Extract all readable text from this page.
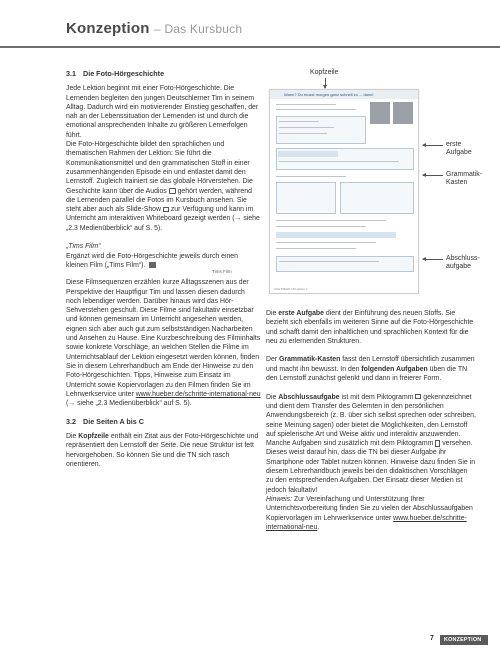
Konzeption – Das Kursbuch
3.1 Die Foto-Hörgeschichte

Jede Lektion beginnt mit einer Foto-Hörgeschichte. Die Lernenden begleiten den jungen Deutschlerner Tim in seinem Alltag. Dadurch wird ein motivierender Einstieg geschaffen, der nah an der Lebenssituation der Lernenden ist und durch die emotional ansprechenden Inhalte zu größeren Lernerfolgen führt.

Die Foto-Hörgeschichte bildet den sprachlichen und thematischen Rahmen der Lektion: Sie führt die Kommunikationsmittel und den grammatischen Stoff in einer zusammenhängenden Episode ein und entlastet damit den Lernstoff. Zugleich trainiert sie das globale Hörverstehen. Die Geschichte kann über die Audios gehört werden, während die Lernenden parallel die Fotos im Kursbuch ansehen. Sie steht aber auch als Slide-Show zur Verfügung und kann im Unterricht am interaktiven Whiteboard gezeigt werden (→ siehe „2.3 Medienüberblick“ auf S. 5).

„Tims Film“

Ergänzt wird die Foto-Hörgeschichte jeweils durch einen kleinen Film („Tims Film“).

Tims Film

Diese Filmsequenzen erzählen kurze Alltagsszenen aus der Perspektive der Hauptfigur Tim und lassen diesen dadurch noch lebendiger werden. Darüber hinaus wird das Hör-Sehverstehen geschult. Diese Filme sind fakultativ einsetzbar und können gemeinsam im Unterricht angesehen werden, eignen sich aber auch gut zum selbstständigen Nacharbeiten und Ansehen zu Hause. Eine Kurzbeschreibung des Filminhalts sowie konkrete Vorschläge, an welchen Stellen die Filme im Unterrichtsablauf der Lektion eingesetzt werden können, finden Sie in diesem Lehrerhandbuch am Ende der Hinweise zu den Foto-Hörgeschichten. Tipps, Hinweise zum Einsatz im Unterricht sowie Kopiervorlagen zu den Filmen finden Sie im Lehrwerkservice unter www.hueber.de/schritte-international-neu (→ siehe „2.3 Medienüberblick“ auf S. 5).

3.2 Die Seiten A bis C

Die Kopfzeile enthält ein Zitat aus der Foto-Hörgeschichte und repräsentiert den Lernstoff der Seite. Die neue Struktur ist fett hervorgehoben. So können Sie und die TN sich rasch orientieren.

Kopfzeile
Wann? Du musst morgen ganz schnell zu ... dann!
ACHTZEHN 18 Lektion 2
erste Aufgabe
Grammatik-
Kasten
Abschluss-
aufgabe

Die erste Aufgabe dient der Einführung des neuen Stoffs. Sie bezieht sich ebenfalls im weiteren Sinne auf die Foto-Hörgeschichte und schafft damit den inhaltlichen und sprachlichen Kontext für die neu zu erlernenden Strukturen.

Der Grammatik-Kasten fasst den Lernstoff übersichtlich zusammen und macht ihn bewusst. In den folgenden Aufgaben üben die TN den Lernstoff zunächst gelenkt und dann in freierer Form.

Die Abschlussaufgabe ist mit dem Piktogramm gekennzeichnet und dient dem Transfer des Gelernten in den persönlichen Anwendungsbereich (z. B. über sich selbst sprechen oder schreiben, seine Meinung sagen) oder bietet die Möglichkeiten, den Lernstoff auf spielerische Art und Weise aktiv und interaktiv anzuwenden. Manche Aufgaben sind zusätzlich mit dem Piktogramm versehen. Dieses weist darauf hin, dass die TN bei dieser Aufgabe ihr Smartphone oder Tablet nutzen können. Hinweise dazu finden Sie in diesem Lehrerhandbuch jeweils bei den didaktischen Vorschlägen zu den entsprechenden Aufgaben. Der Einsatz dieser Medien ist jedoch fakultativ!

Hinweis: Zur Vereinfachung und Unterstützung Ihrer Unterrichtsvorbereitung finden Sie zu vielen der Abschlussaufgaben Kopiervorlagen im Lehrwerkservice unter www.hueber.de/schritte-international-neu.

7	KONZEPTION
